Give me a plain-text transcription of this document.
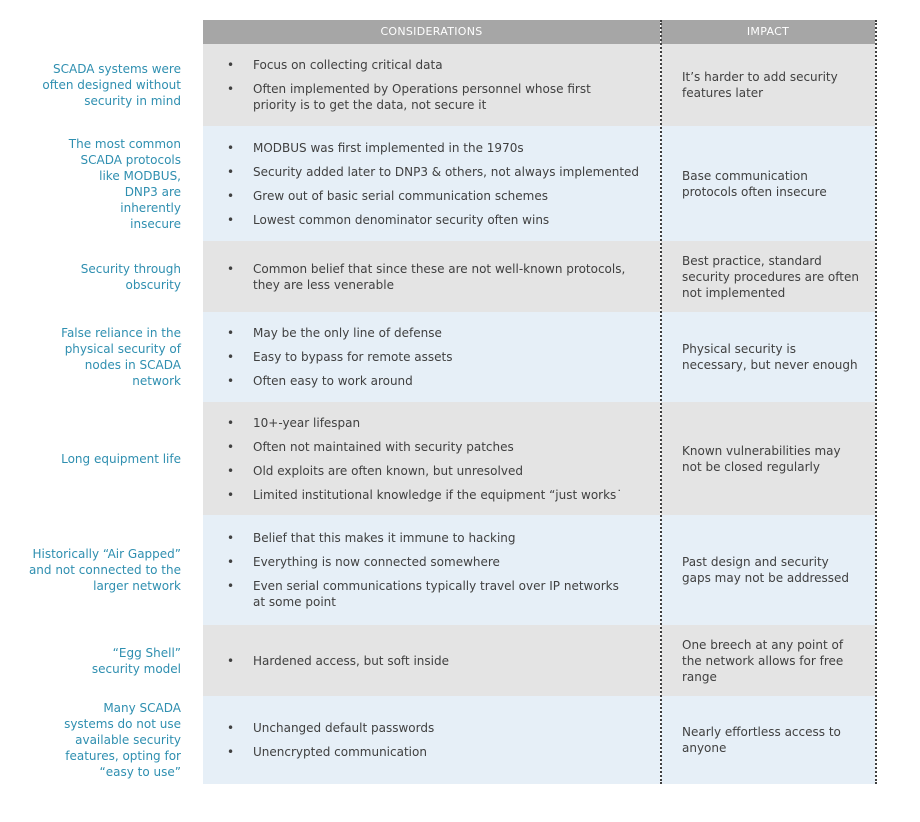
CONSIDERATIONS	IMPACT
SCADA systems were often designed without security in mind
• Focus on collecting critical data
• Often implemented by Operations personnel whose first priority is to get the data, not secure it
It’s harder to add security features later
The most common SCADA protocols like MODBUS, DNP3 are inherently insecure
• MODBUS was first implemented in the 1970s
• Security added later to DNP3 & others, not always implemented
• Grew out of basic serial communication schemes
• Lowest common denominator security often wins
Base communication protocols often insecure
Security through obscurity
• Common belief that since these are not well-known protocols, they are less venerable
Best practice, standard security procedures are often not implemented
False reliance in the physical security of nodes in SCADA network
• May be the only line of defense
• Easy to bypass for remote assets
• Often easy to work around
Physical security is necessary, but never enough
Long equipment life
• 10+-year lifespan
• Often not maintained with security patches
• Old exploits are often known, but unresolved
• Limited institutional knowledge if the equipment “just works˙
Known vulnerabilities may not be closed regularly
Historically “Air Gapped” and not connected to the larger network
• Belief that this makes it immune to hacking
• Everything is now connected somewhere
• Even serial communications typically travel over IP networks at some point
Past design and security gaps may not be addressed
“Egg Shell” security model
• Hardened access, but soft inside
One breech at any point of the network allows for free range
Many SCADA systems do not use available security features, opting for “easy to use”
• Unchanged default passwords
• Unencrypted communication
Nearly effortless access to anyone
